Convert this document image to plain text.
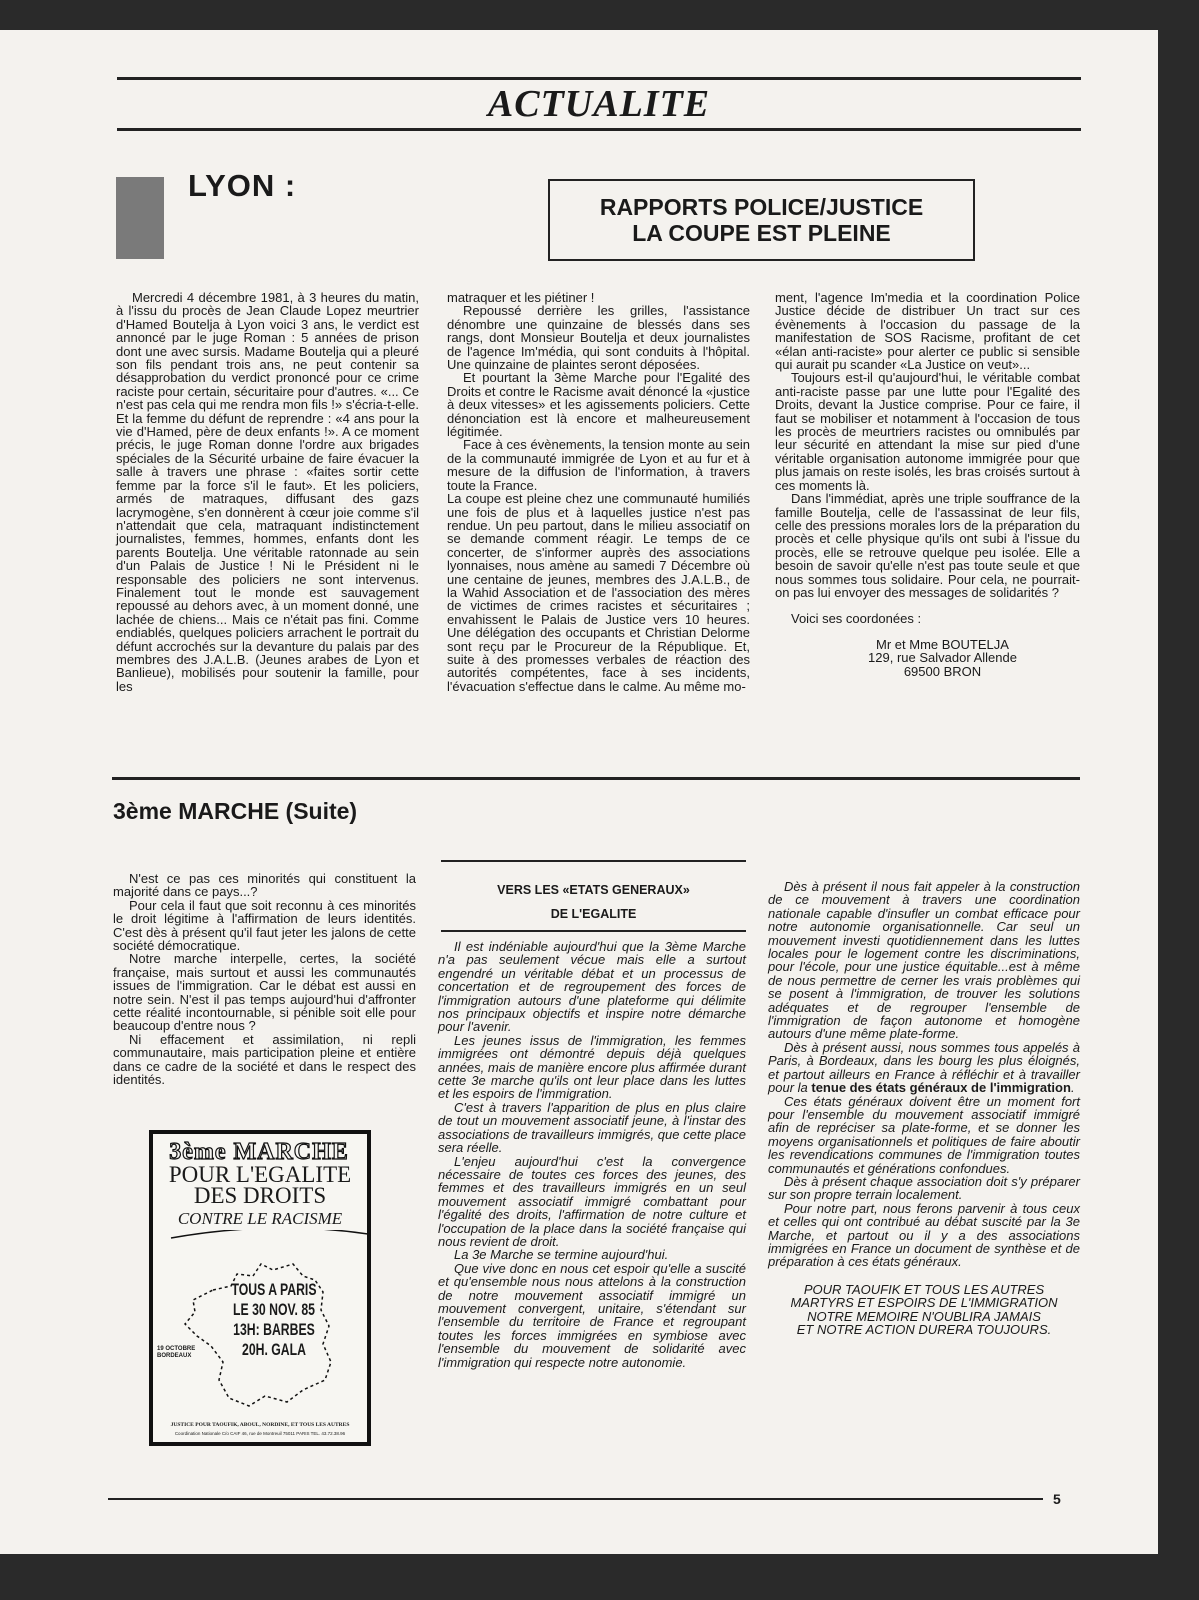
ACTUALITE
LYON :
RAPPORTS POLICE/JUSTICE
LA COUPE EST PLEINE

Mercredi 4 décembre 1981, à 3 heures du matin, à l'issu du procès de Jean Claude Lopez meurtrier d'Hamed Boutelja à Lyon voici 3 ans, le verdict est annoncé par le juge Roman : 5 années de prison dont une avec sursis. Madame Boutelja qui a pleuré son fils pendant trois ans, ne peut contenir sa désapprobation du verdict prononcé pour ce crime raciste pour certain, sécuritaire pour d'autres. «... Ce n'est pas cela qui me rendra mon fils !» s'écria-t-elle. Et la femme du défunt de reprendre : «4 ans pour la vie d'Hamed, père de deux enfants !». A ce moment précis, le juge Roman donne l'ordre aux brigades spéciales de la Sécurité urbaine de faire évacuer la salle à travers une phrase : «faites sortir cette femme par la force s'il le faut». Et les policiers, armés de matraques, diffusant des gazs lacrymogène, s'en donnèrent à cœur joie comme s'il n'attendait que cela, matraquant indistinctement journalistes, femmes, hommes, enfants dont les parents Boutelja. Une véritable ratonnade au sein d'un Palais de Justice ! Ni le Président ni le responsable des policiers ne sont intervenus. Finalement tout le monde est sauvagement repoussé au dehors avec, à un moment donné, une lachée de chiens... Mais ce n'était pas fini. Comme endiablés, quelques policiers arrachent le portrait du défunt accrochés sur la devanture du palais par des membres des J.A.L.B. (Jeunes arabes de Lyon et Banlieue), mobilisés pour soutenir la famille, pour les

matraquer et les piétiner !

Repoussé derrière les grilles, l'assistance dénombre une quinzaine de blessés dans ses rangs, dont Monsieur Boutelja et deux journalistes de l'agence Im'média, qui sont conduits à l'hôpital. Une quinzaine de plaintes seront déposées.

Et pourtant la 3ème Marche pour l'Egalité des Droits et contre le Racisme avait dénoncé la «justice à deux vitesses» et les agissements policiers. Cette dénonciation est là encore et malheureusement légitimée.

Face à ces évènements, la tension monte au sein de la communauté immigrée de Lyon et au fur et à mesure de la diffusion de l'information, à travers toute la France.

La coupe est pleine chez une communauté humiliés une fois de plus et à laquelles justice n'est pas rendue. Un peu partout, dans le milieu associatif on se demande comment réagir. Le temps de ce concerter, de s'informer auprès des associations lyonnaises, nous amène au samedi 7 Décembre où une centaine de jeunes, membres des J.A.L.B., de la Wahid Association et de l'association des mères de victimes de crimes racistes et sécuritaires ; envahissent le Palais de Justice vers 10 heures. Une délégation des occupants et Christian Delorme sont reçu par le Procureur de la République. Et, suite à des promesses verbales de réaction des autorités compétentes, face à ses incidents, l'évacuation s'effectue dans le calme. Au même mo-

ment, l'agence Im'media et la coordination Police Justice décide de distribuer Un tract sur ces évènements à l'occasion du passage de la manifestation de SOS Racisme, profitant de cet «élan anti-raciste» pour alerter ce public si sensible qui aurait pu scander «La Justice on veut»...

Toujours est-il qu'aujourd'hui, le véritable combat anti-raciste passe par une lutte pour l'Egalité des Droits, devant la Justice comprise. Pour ce faire, il faut se mobiliser et notamment à l'occasion de tous les procès de meurtriers racistes ou omnibulés par leur sécurité en attendant la mise sur pied d'une véritable organisation autonome immigrée pour que plus jamais on reste isolés, les bras croisés surtout à ces moments là.

Dans l'immédiat, après une triple souffrance de la famille Boutelja, celle de l'assassinat de leur fils, celle des pressions morales lors de la préparation du procès et celle physique qu'ils ont subi à l'issue du procès, elle se retrouve quelque peu isolée. Elle a besoin de savoir qu'elle n'est pas toute seule et que nous sommes tous solidaire. Pour cela, ne pourrait-on pas lui envoyer des messages de solidarités ?

Voici ses coordonées :

Mr et Mme BOUTELJA
129, rue Salvador Allende
69500 BRON
3ème MARCHE (Suite)

N'est ce pas ces minorités qui constituent la majorité dans ce pays...?

Pour cela il faut que soit reconnu à ces minorités le droit légitime à l'affirmation de leurs identités. C'est dès à présent qu'il faut jeter les jalons de cette société démocratique.

Notre marche interpelle, certes, la société française, mais surtout et aussi les communautés issues de l'immigration. Car le débat est aussi en notre sein. N'est il pas temps aujourd'hui d'affronter cette réalité incontournable, si pénible soit elle pour beaucoup d'entre nous ?

Ni effacement et assimilation, ni repli communautaire, mais participation pleine et entière dans ce cadre de la société et dans le respect des identités.

3ème MARCHE
POUR L'EGALITE
DES DROITS
CONTRE LE RACISME
TOUS A PARIS
LE 30 NOV. 85
13H: BARBES
20H. GALA
19 OCTOBRE
BORDEAUX
JUSTICE POUR TAOUFIK, ABOUL, NORDINE, ET TOUS LES AUTRES
Coordination Nationale C/o CAIF 46, rue de Montreuil 75011 PARIS TEL. 43.72.38.96
VERS LES «ETATS GENERAUX»
DE L'EGALITE

Il est indéniable aujourd'hui que la 3ème Marche n'a pas seulement vécue mais elle a surtout engendré un véritable débat et un processus de concertation et de regroupement des forces de l'immigration autours d'une plateforme qui délimite nos principaux objectifs et inspire notre démarche pour l'avenir.

Les jeunes issus de l'immigration, les femmes immigrées ont démontré depuis déjà quelques années, mais de manière encore plus affirmée durant cette 3e marche qu'ils ont leur place dans les luttes et les espoirs de l'immigration.

C'est à travers l'apparition de plus en plus claire de tout un mouvement associatif jeune, à l'instar des associations de travailleurs immigrés, que cette place sera réelle.

L'enjeu aujourd'hui c'est la convergence nécessaire de toutes ces forces des jeunes, des femmes et des travailleurs immigrés en un seul mouvement associatif immigré combattant pour l'égalité des droits, l'affirmation de notre culture et l'occupation de la place dans la société française qui nous revient de droit.

La 3e Marche se termine aujourd'hui.

Que vive donc en nous cet espoir qu'elle a suscité et qu'ensemble nous nous attelons à la construction de notre mouvement associatif immigré un mouvement convergent, unitaire, s'étendant sur l'ensemble du territoire de France et regroupant toutes les forces immigrées en symbiose avec l'ensemble du mouvement de solidarité avec l'immigration qui respecte notre autonomie.

Dès à présent il nous fait appeler à la construction de ce mouvement à travers une coordination nationale capable d'insufler un combat efficace pour notre autonomie organisationnelle. Car seul un mouvement investi quotidiennement dans les luttes locales pour le logement contre les discriminations, pour l'école, pour une justice équitable...est à même de nous permettre de cerner les vrais problèmes qui se posent à l'immigration, de trouver les solutions adéquates et de regrouper l'ensemble de l'immigration de façon autonome et homogène autours d'une même plate-forme.

Dès à présent aussi, nous sommes tous appelés à Paris, à Bordeaux, dans les bourg les plus éloignés, et partout ailleurs en France à réfléchir et à travailler pour la tenue des états généraux de l'immigration.

Ces états généraux doivent être un moment fort pour l'ensemble du mouvement associatif immigré afin de repréciser sa plate-forme, et se donner les moyens organisationnels et politiques de faire aboutir les revendications communes de l'immigration toutes communautés et générations confondues.

Dès à présent chaque association doit s'y préparer sur son propre terrain localement.

Pour notre part, nous ferons parvenir à tous ceux et celles qui ont contribué au débat suscité par la 3e Marche, et partout ou il y a des associations immigrées en France un document de synthèse et de préparation à ces états généraux.

POUR TAOUFIK ET TOUS LES AUTRES
MARTYRS ET ESPOIRS DE L'IMMIGRATION
NOTRE MEMOIRE N'OUBLIRA JAMAIS
ET NOTRE ACTION DURERA TOUJOURS.
5
